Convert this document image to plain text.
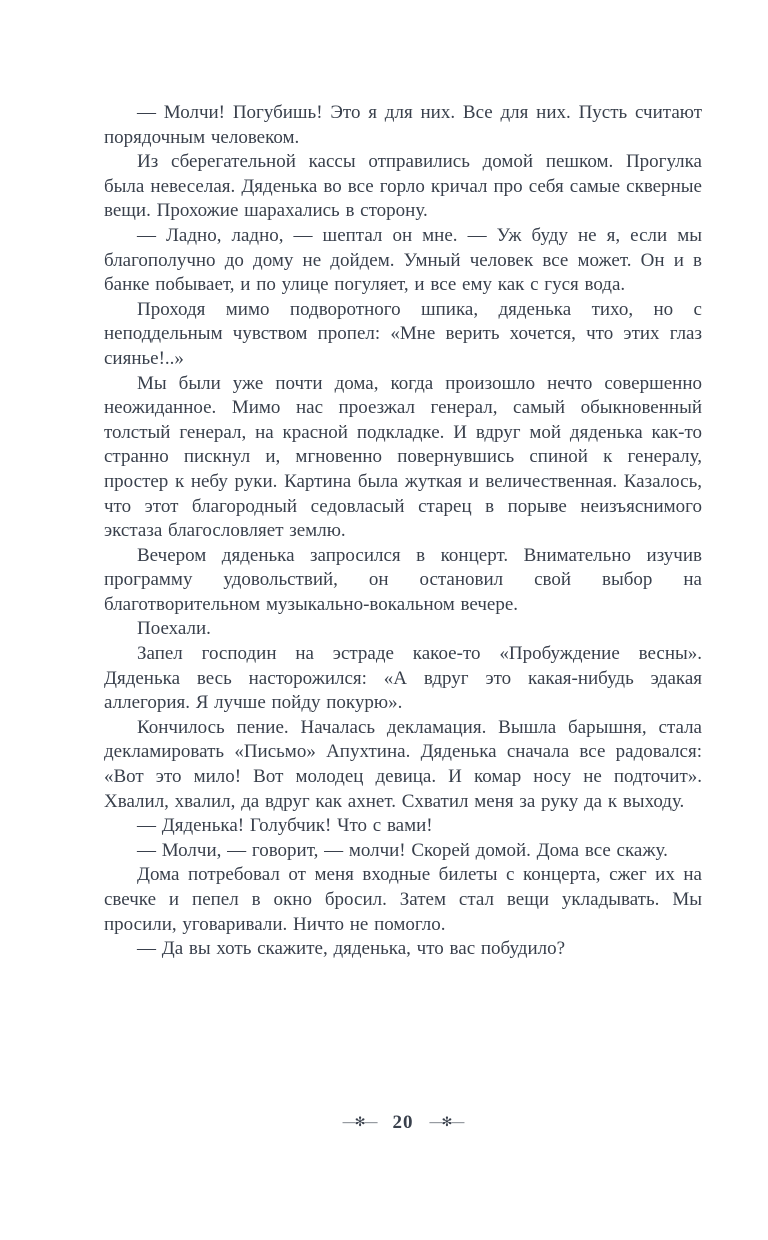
— Молчи! Погубишь! Это я для них. Все для них. Пусть считают порядочным человеком.

Из сберегательной кассы отправились домой пешком. Прогулка была невеселая. Дяденька во все горло кричал про себя самые скверные вещи. Прохожие шарахались в сторону.

— Ладно, ладно, — шептал он мне. — Уж буду не я, если мы благополучно до дому не дойдем. Умный человек все может. Он и в банке побывает, и по улице погуляет, и все ему как с гуся вода.

Проходя мимо подворотного шпика, дяденька тихо, но с неподдельным чувством пропел: «Мне верить хочется, что этих глаз сиянье!..»

Мы были уже почти дома, когда произошло нечто совершенно неожиданное. Мимо нас проезжал генерал, самый обыкновенный толстый генерал, на красной подкладке. И вдруг мой дяденька как-то странно пискнул и, мгновенно повернувшись спиной к генералу, простер к небу руки. Картина была жуткая и величественная. Казалось, что этот благородный седовласый старец в порыве неизъяснимого экстаза благословляет землю.

Вечером дяденька запросился в концерт. Внимательно изучив программу удовольствий, он остановил свой выбор на благотворительном музыкально-вокальном вечере.

Поехали.

Запел господин на эстраде какое-то «Пробуждение весны». Дяденька весь насторожился: «А вдруг это какая-нибудь эдакая аллегория. Я лучше пойду покурю».

Кончилось пение. Началась декламация. Вышла барышня, стала декламировать «Письмо» Апухтина. Дяденька сначала все радовался: «Вот это мило! Вот молодец девица. И комар носу не подточит». Хвалил, хвалил, да вдруг как ахнет. Схватил меня за руку да к выходу.

— Дяденька! Голубчик! Что с вами!

— Молчи, — говорит, — молчи! Скорей домой. Дома все скажу.

Дома потребовал от меня входные билеты с концерта, сжег их на свечке и пепел в окно бросил. Затем стал вещи укладывать. Мы просили, уговаривали. Ничто не помогло.

— Да вы хоть скажите, дяденька, что вас побудило?

—✻— 20 —✻—
